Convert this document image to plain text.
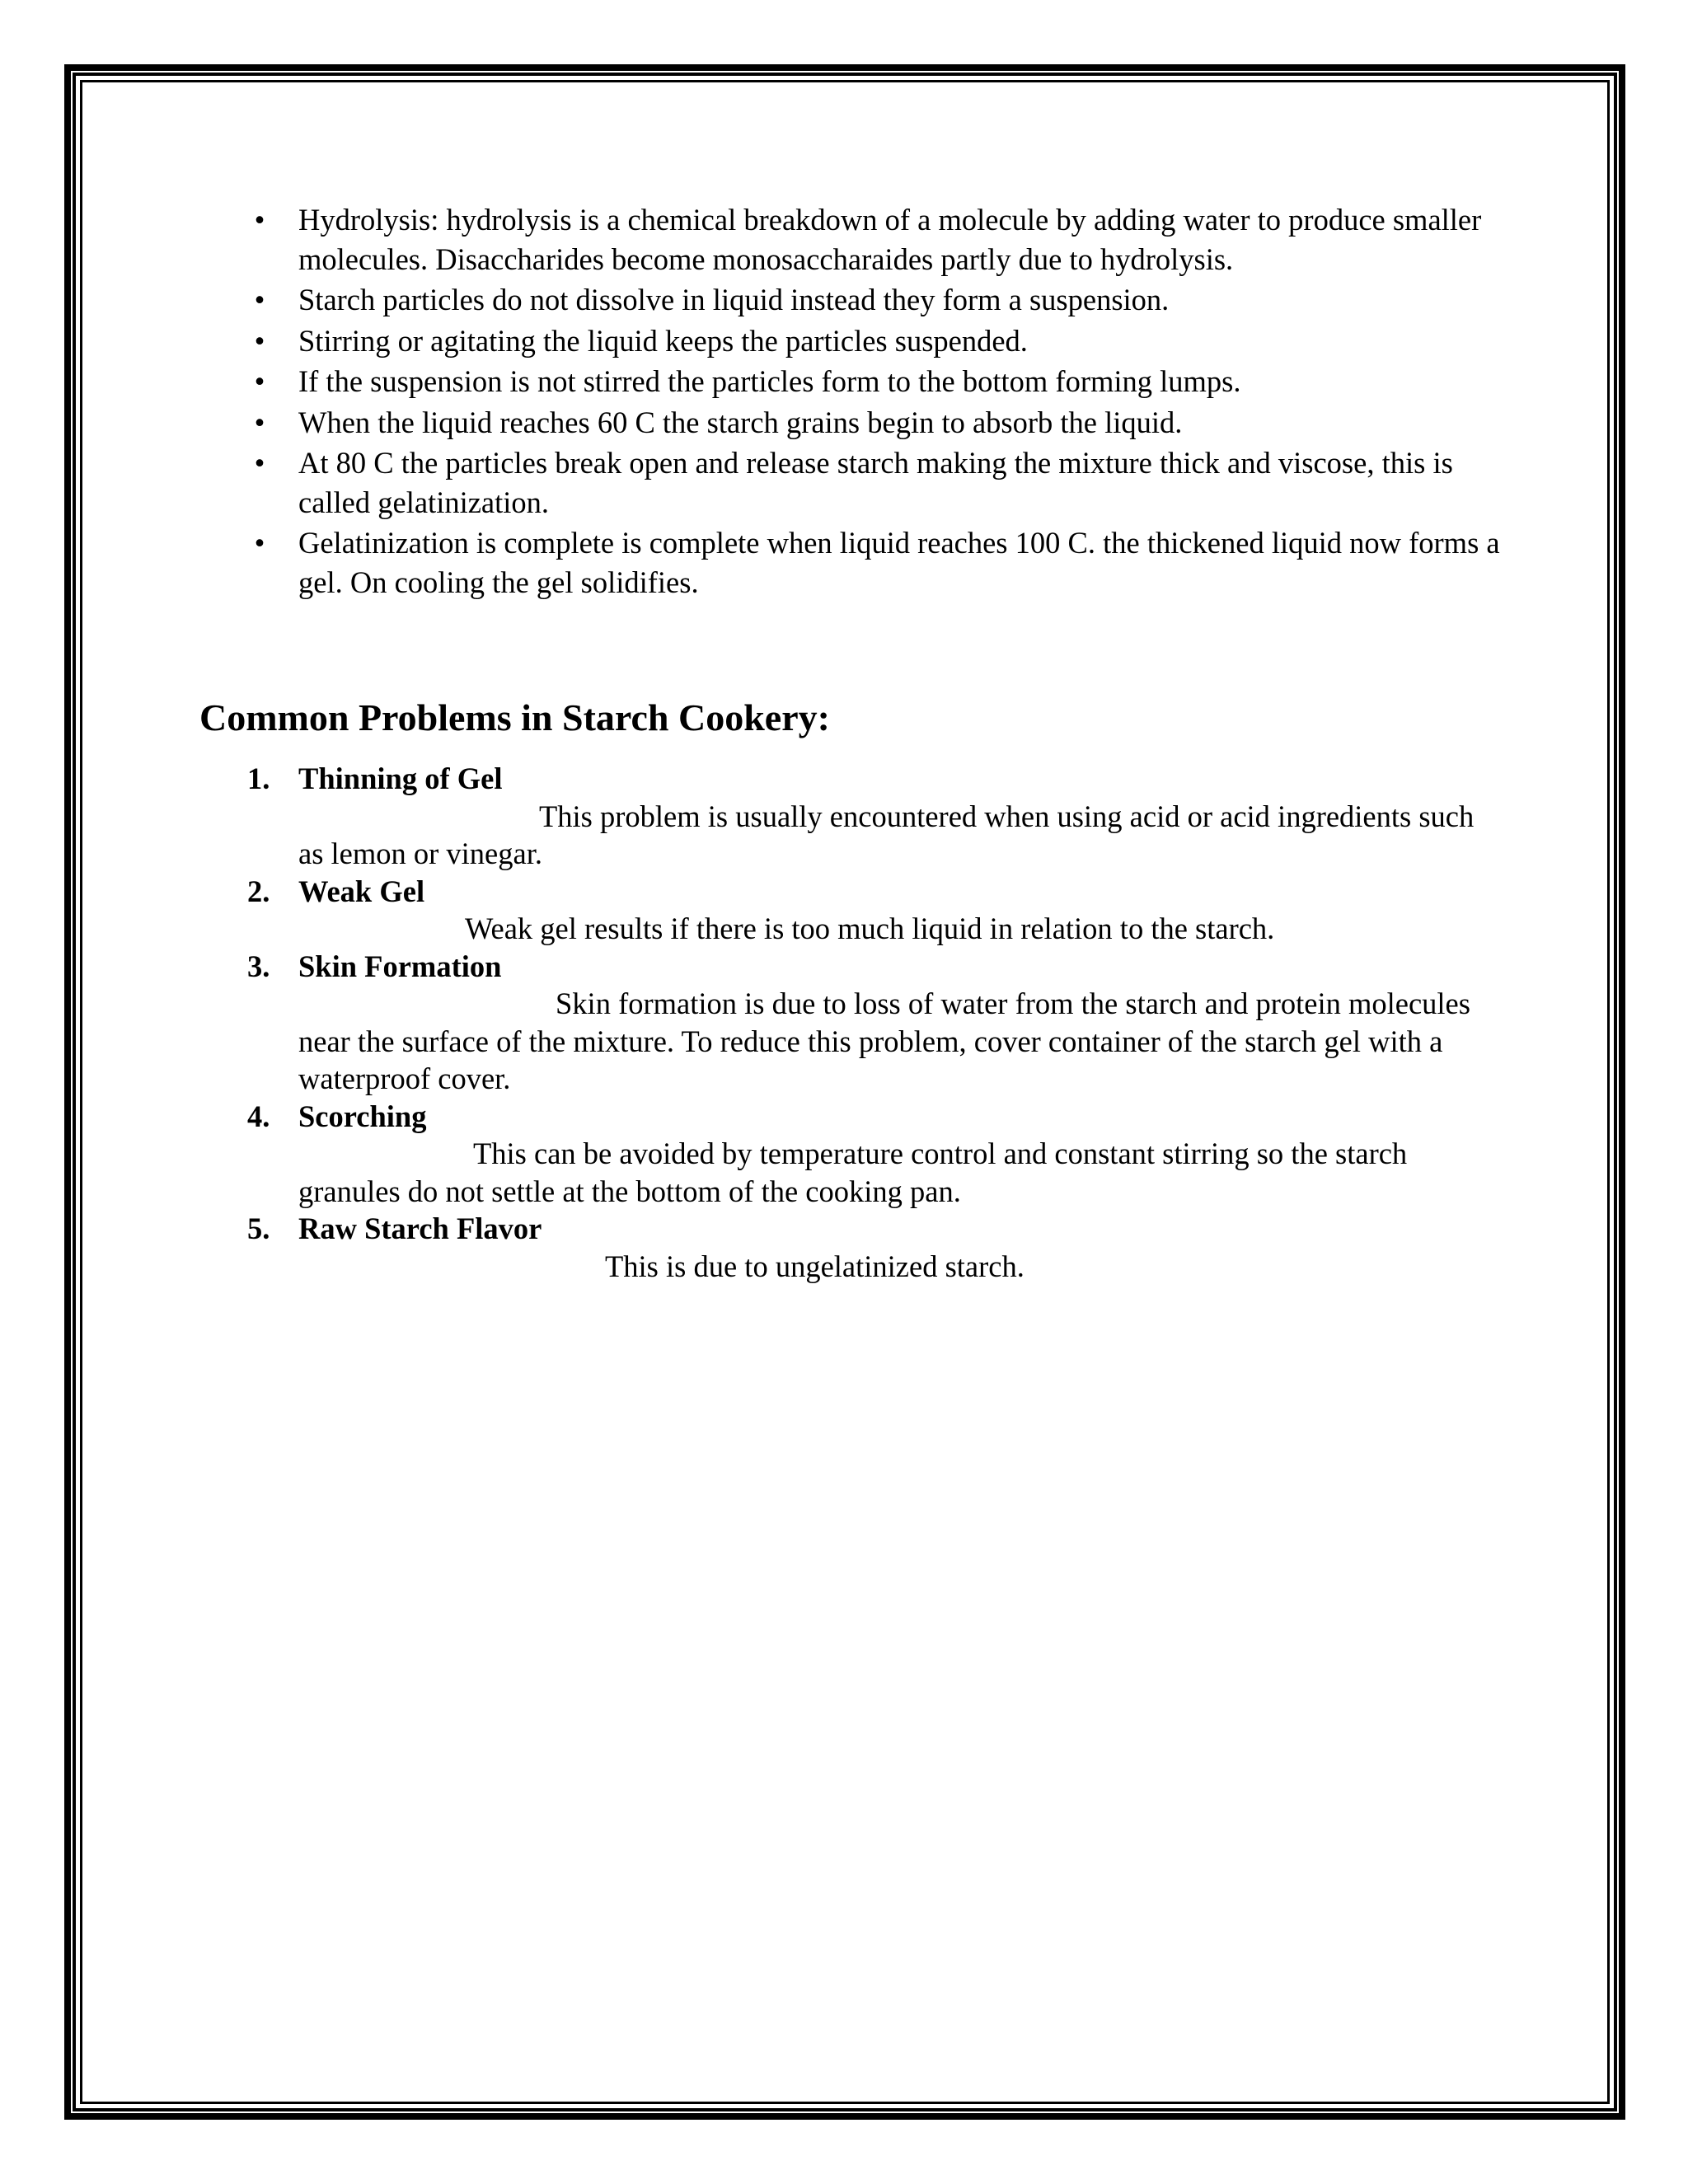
• Hydrolysis: hydrolysis is a chemical breakdown of a molecule by adding water to produce smaller molecules. Disaccharides become monosaccharaides partly due to hydrolysis.
• Starch particles do not dissolve in liquid instead they form a suspension.
• Stirring or agitating the liquid keeps the particles suspended.
• If the suspension is not stirred the particles form to the bottom forming lumps.
• When the liquid reaches 60 C the starch grains begin to absorb the liquid.
• At 80 C the particles break open and release starch making the mixture thick and viscose, this is called gelatinization.
• Gelatinization is complete is complete when liquid reaches 100 C. the thickened liquid now forms a gel. On cooling the gel solidifies.
Common Problems in Starch Cookery:
1. Thinning of Gel
This problem is usually encountered when using acid or acid ingredients such as lemon or vinegar.
2. Weak Gel
Weak gel results if there is too much liquid in relation to the starch.
3. Skin Formation
Skin formation is due to loss of water from the starch and protein molecules near the surface of the mixture. To reduce this problem, cover container of the starch gel with a waterproof cover.
4. Scorching
This can be avoided by temperature control and constant stirring so the starch granules do not settle at the bottom of the cooking pan.
5. Raw Starch Flavor
This is due to ungelatinized starch.
